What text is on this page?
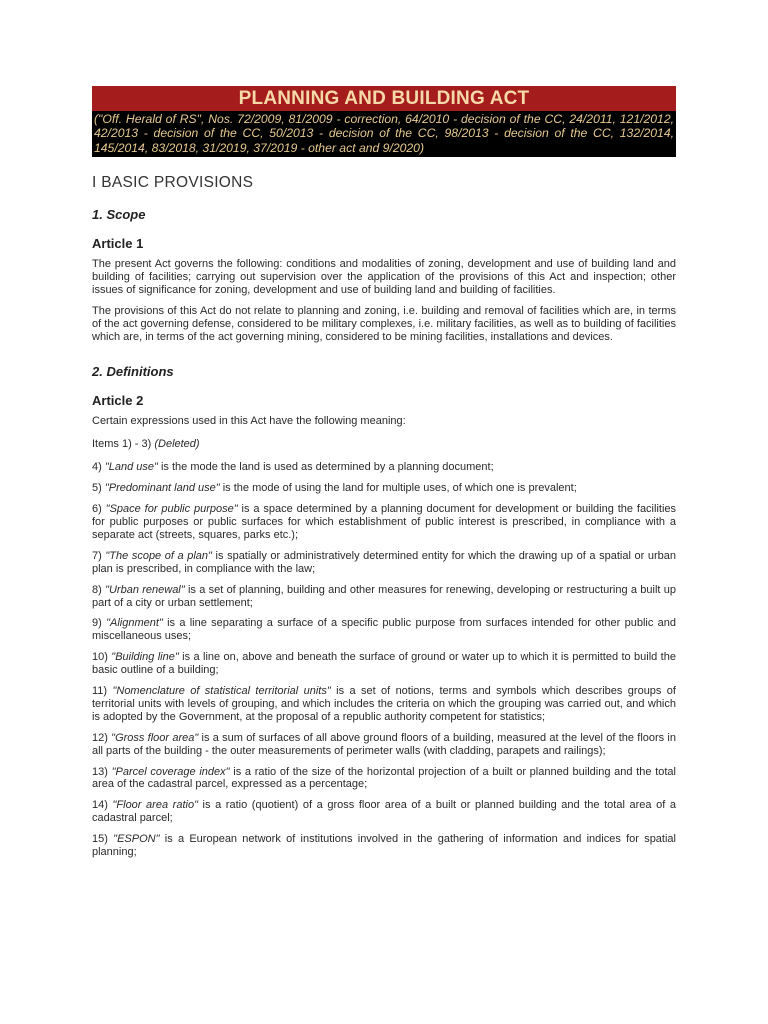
PLANNING AND BUILDING ACT
("Off. Herald of RS", Nos. 72/2009, 81/2009 - correction, 64/2010 - decision of the CC, 24/2011, 121/2012, 42/2013 - decision of the CC, 50/2013 - decision of the CC, 98/2013 - decision of the CC, 132/2014, 145/2014, 83/2018, 31/2019, 37/2019 - other act and 9/2020)
I BASIC PROVISIONS
1. Scope
Article 1

The present Act governs the following: conditions and modalities of zoning, development and use of building land and building of facilities; carrying out supervision over the application of the provisions of this Act and inspection; other issues of significance for zoning, development and use of building land and building of facilities.

The provisions of this Act do not relate to planning and zoning, i.e. building and removal of facilities which are, in terms of the act governing defense, considered to be military complexes, i.e. military facilities, as well as to building of facilities which are, in terms of the act governing mining, considered to be mining facilities, installations and devices.

2. Definitions
Article 2

Certain expressions used in this Act have the following meaning:

Items 1) - 3) (Deleted)

4) "Land use" is the mode the land is used as determined by a planning document;

5) "Predominant land use" is the mode of using the land for multiple uses, of which one is prevalent;

6) "Space for public purpose" is a space determined by a planning document for development or building the facilities for public purposes or public surfaces for which establishment of public interest is prescribed, in compliance with a separate act (streets, squares, parks etc.);

7) "The scope of a plan" is spatially or administratively determined entity for which the drawing up of a spatial or urban plan is prescribed, in compliance with the law;

8) "Urban renewal" is a set of planning, building and other measures for renewing, developing or restructuring a built up part of a city or urban settlement;

9) "Alignment" is a line separating a surface of a specific public purpose from surfaces intended for other public and miscellaneous uses;

10) "Building line" is a line on, above and beneath the surface of ground or water up to which it is permitted to build the basic outline of a building;

11) "Nomenclature of statistical territorial units" is a set of notions, terms and symbols which describes groups of territorial units with levels of grouping, and which includes the criteria on which the grouping was carried out, and which is adopted by the Government, at the proposal of a republic authority competent for statistics;

12) "Gross floor area" is a sum of surfaces of all above ground floors of a building, measured at the level of the floors in all parts of the building - the outer measurements of perimeter walls (with cladding, parapets and railings);

13) "Parcel coverage index" is a ratio of the size of the horizontal projection of a built or planned building and the total area of the cadastral parcel, expressed as a percentage;

14) "Floor area ratio" is a ratio (quotient) of a gross floor area of a built or planned building and the total area of a cadastral parcel;

15) "ESPON" is a European network of institutions involved in the gathering of information and indices for spatial planning;
